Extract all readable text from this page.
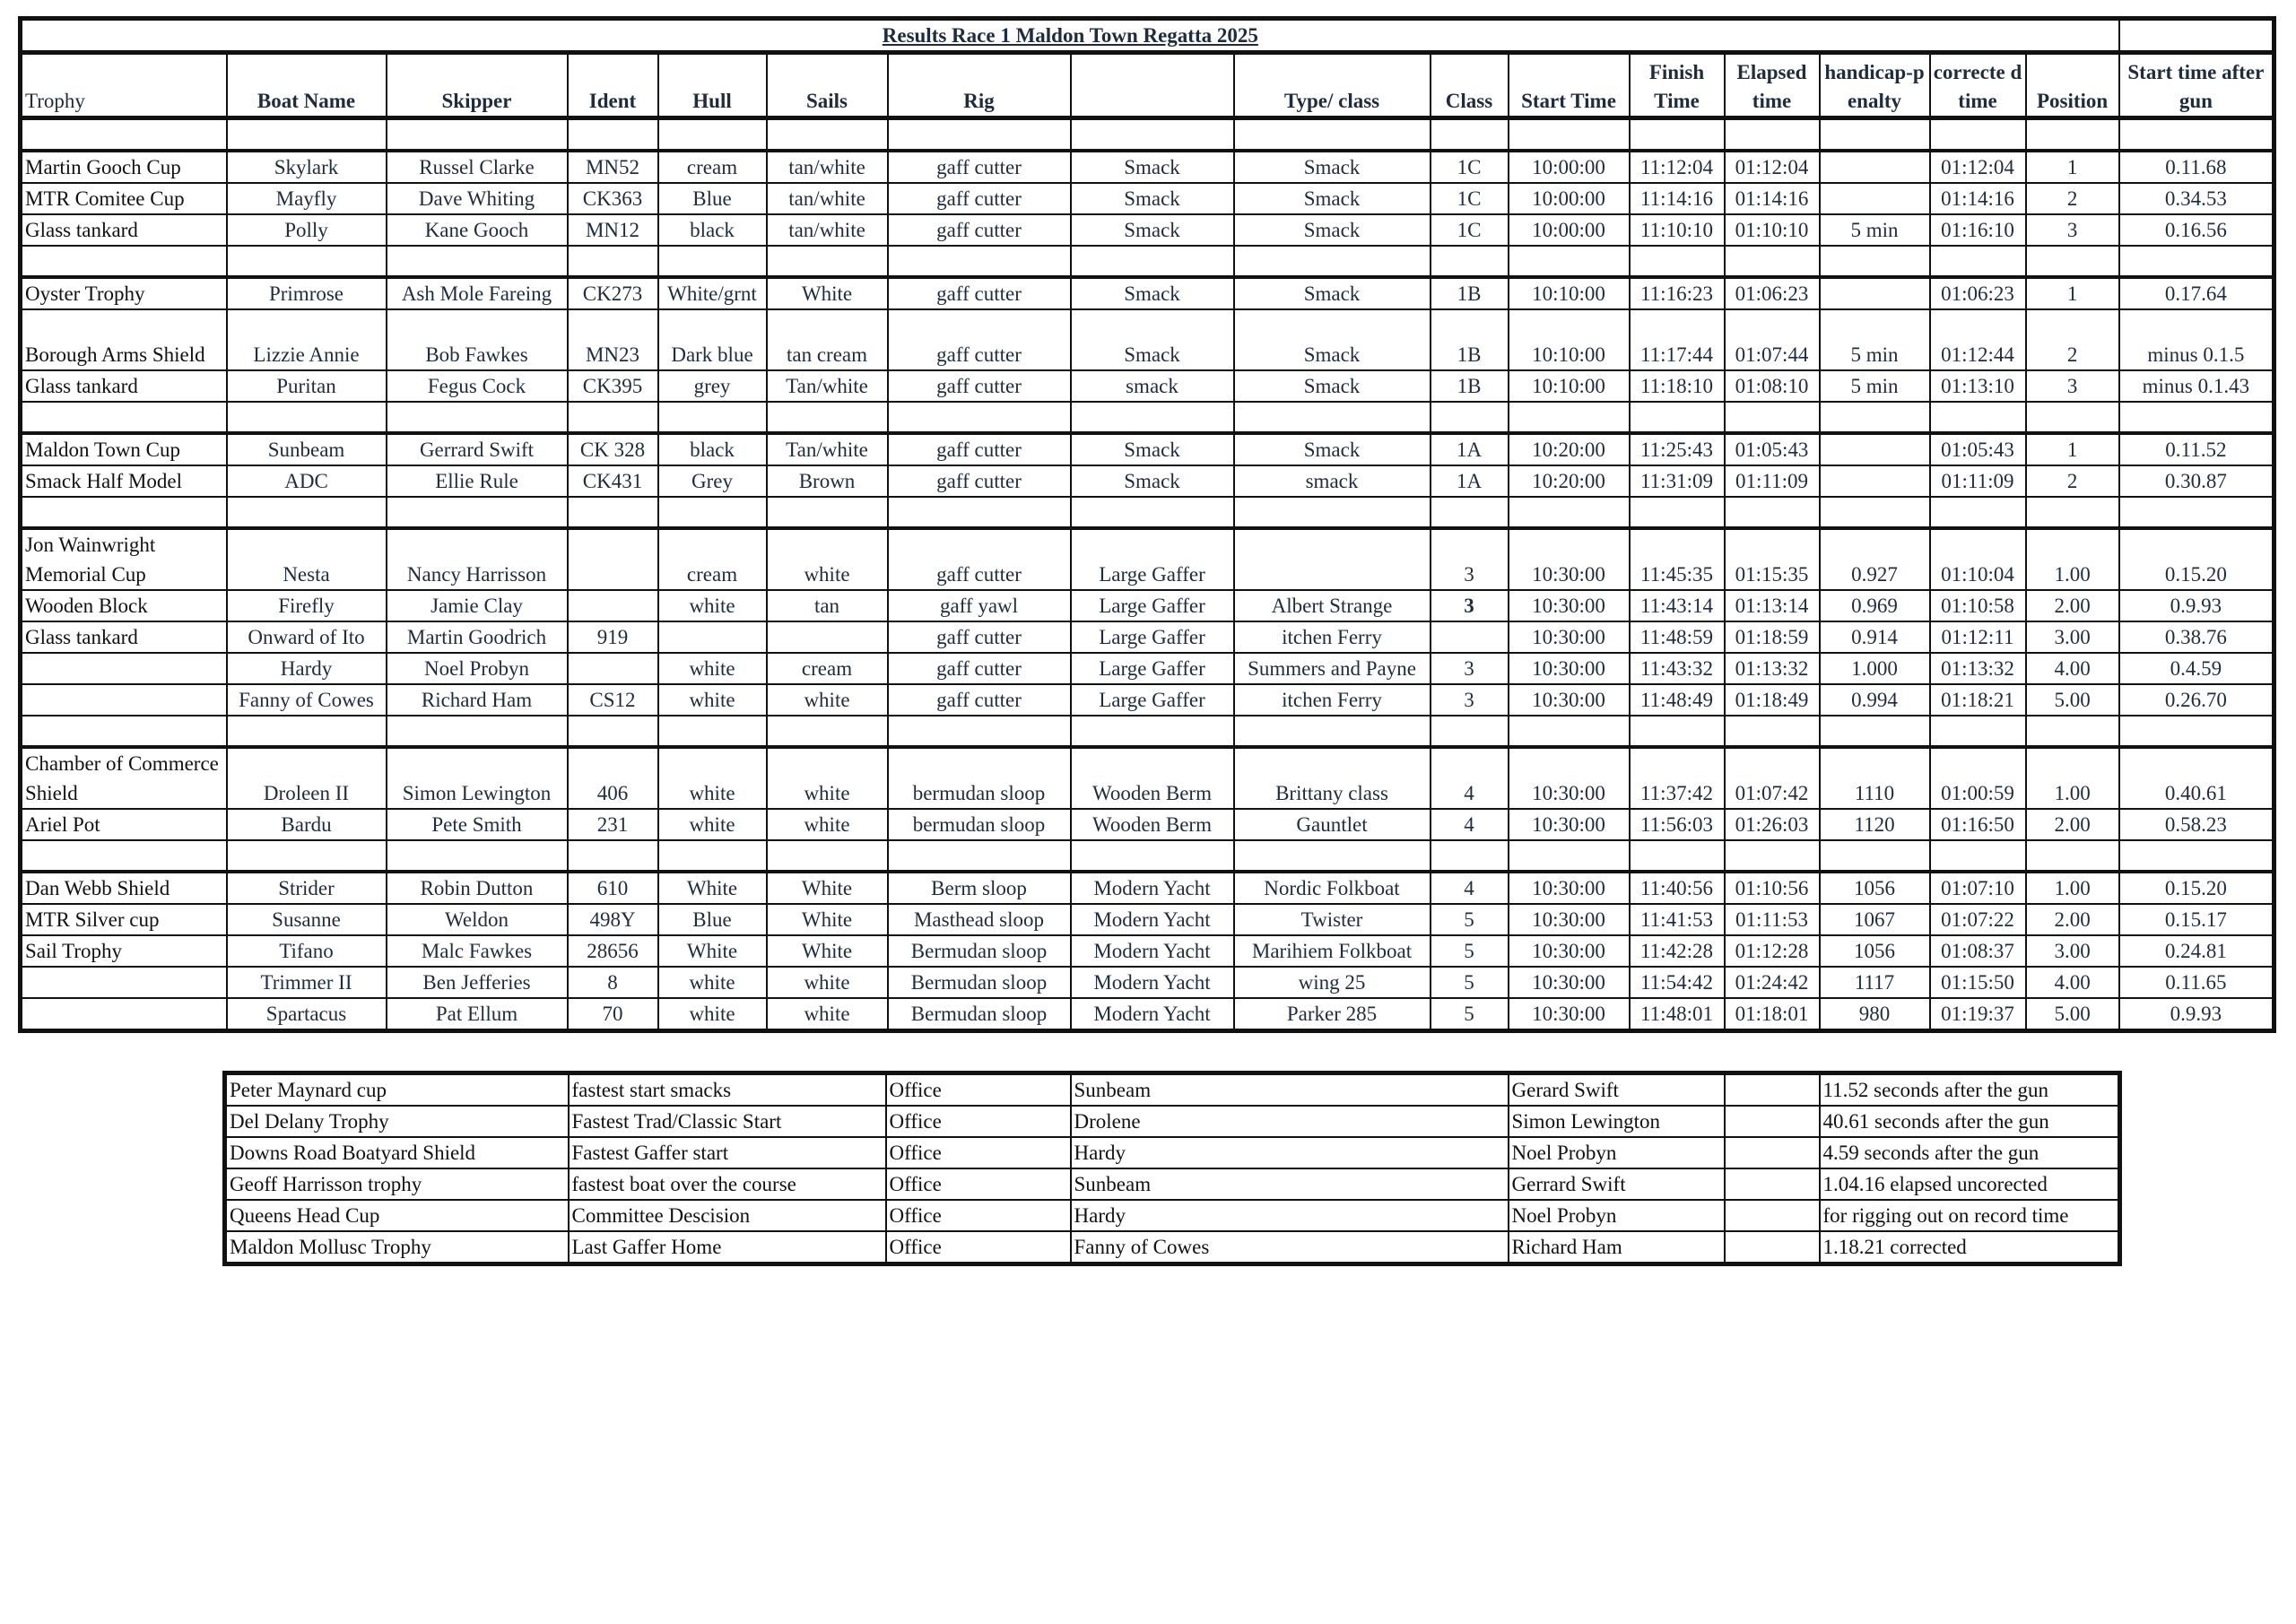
Results Race 1 Maldon Town Regatta 2025																
Trophy	Boat Name	Skipper	Ident	Hull	Sails	Rig		Type/ class	Class	Start Time	Finish Time	Elapsed time	handicap-penalty	correcte d time	Position	Start time after gun

Martin Gooch Cup	Skylark	Russel Clarke	MN52	cream	tan/white	gaff cutter	Smack	Smack	1C	10:00:00	11:12:04	01:12:04		01:12:04	1	0.11.68
MTR Comitee Cup	Mayfly	Dave Whiting	CK363	Blue	tan/white	gaff cutter	Smack	Smack	1C	10:00:00	11:14:16	01:14:16		01:14:16	2	0.34.53
Glass tankard	Polly	Kane Gooch	MN12	black	tan/white	gaff cutter	Smack	Smack	1C	10:00:00	11:10:10	01:10:10	5 min	01:16:10	3	0.16.56

Oyster Trophy	Primrose	Ash Mole Fareing	CK273	White/grnt	White	gaff cutter	Smack	Smack	1B	10:10:00	11:16:23	01:06:23		01:06:23	1	0.17.64
Borough Arms Shield	Lizzie Annie	Bob Fawkes	MN23	Dark blue	tan cream	gaff cutter	Smack	Smack	1B	10:10:00	11:17:44	01:07:44	5 min	01:12:44	2	minus 0.1.5
Glass tankard	Puritan	Fegus Cock	CK395	grey	Tan/white	gaff cutter	smack	Smack	1B	10:10:00	11:18:10	01:08:10	5 min	01:13:10	3	minus 0.1.43

Maldon Town Cup	Sunbeam	Gerrard Swift	CK 328	black	Tan/white	gaff cutter	Smack	Smack	1A	10:20:00	11:25:43	01:05:43		01:05:43	1	0.11.52
Smack Half Model	ADC	Ellie Rule	CK431	Grey	Brown	gaff cutter	Smack	smack	1A	10:20:00	11:31:09	01:11:09		01:11:09	2	0.30.87

Jon Wainwright Memorial Cup	Nesta	Nancy Harrisson		cream	white	gaff cutter	Large Gaffer		3	10:30:00	11:45:35	01:15:35	0.927	01:10:04	1.00	0.15.20
Wooden Block	Firefly	Jamie Clay		white	tan	gaff yawl	Large Gaffer	Albert Strange	3	10:30:00	11:43:14	01:13:14	0.969	01:10:58	2.00	0.9.93
Glass tankard	Onward of Ito	Martin Goodrich	919			gaff cutter	Large Gaffer	itchen Ferry		10:30:00	11:48:59	01:18:59	0.914	01:12:11	3.00	0.38.76
	Hardy	Noel Probyn		white	cream	gaff cutter	Large Gaffer	Summers and Payne	3	10:30:00	11:43:32	01:13:32	1.000	01:13:32	4.00	0.4.59
	Fanny of Cowes	Richard Ham	CS12	white	white	gaff cutter	Large Gaffer	itchen Ferry	3	10:30:00	11:48:49	01:18:49	0.994	01:18:21	5.00	0.26.70

Chamber of Commerce Shield	Droleen II	Simon Lewington	406	white	white	bermudan sloop	Wooden Berm	Brittany class	4	10:30:00	11:37:42	01:07:42	1110	01:00:59	1.00	0.40.61
Ariel Pot	Bardu	Pete Smith	231	white	white	bermudan sloop	Wooden Berm	Gauntlet	4	10:30:00	11:56:03	01:26:03	1120	01:16:50	2.00	0.58.23

Dan Webb Shield	Strider	Robin Dutton	610	White	White	Berm sloop	Modern Yacht	Nordic Folkboat	4	10:30:00	11:40:56	01:10:56	1056	01:07:10	1.00	0.15.20
MTR Silver cup	Susanne	Weldon	498Y	Blue	White	Masthead sloop	Modern Yacht	Twister	5	10:30:00	11:41:53	01:11:53	1067	01:07:22	2.00	0.15.17
Sail Trophy	Tifano	Malc Fawkes	28656	White	White	Bermudan sloop	Modern Yacht	Marihiem Folkboat	5	10:30:00	11:42:28	01:12:28	1056	01:08:37	3.00	0.24.81
	Trimmer II	Ben Jefferies	8	white	white	Bermudan sloop	Modern Yacht	wing 25	5	10:30:00	11:54:42	01:24:42	1117	01:15:50	4.00	0.11.65
	Spartacus	Pat Ellum	70	white	white	Bermudan sloop	Modern Yacht	Parker 285	5	10:30:00	11:48:01	01:18:01	980	01:19:37	5.00	0.9.93
Peter Maynard cup	fastest start smacks	Office	Sunbeam	Gerard Swift		11.52 seconds after the gun
Del Delany Trophy	Fastest Trad/Classic Start	Office	Drolene	Simon Lewington		40.61 seconds after the gun
Downs Road Boatyard Shield	Fastest Gaffer start	Office	Hardy	Noel Probyn		4.59 seconds after the gun
Geoff Harrisson trophy	fastest boat over the course	Office	Sunbeam	Gerrard Swift		1.04.16 elapsed uncorected
Queens Head Cup	Committee Descision	Office	Hardy	Noel Probyn		for rigging out on record time
Maldon Mollusc Trophy	Last Gaffer Home	Office	Fanny of Cowes	Richard Ham		1.18.21 corrected
